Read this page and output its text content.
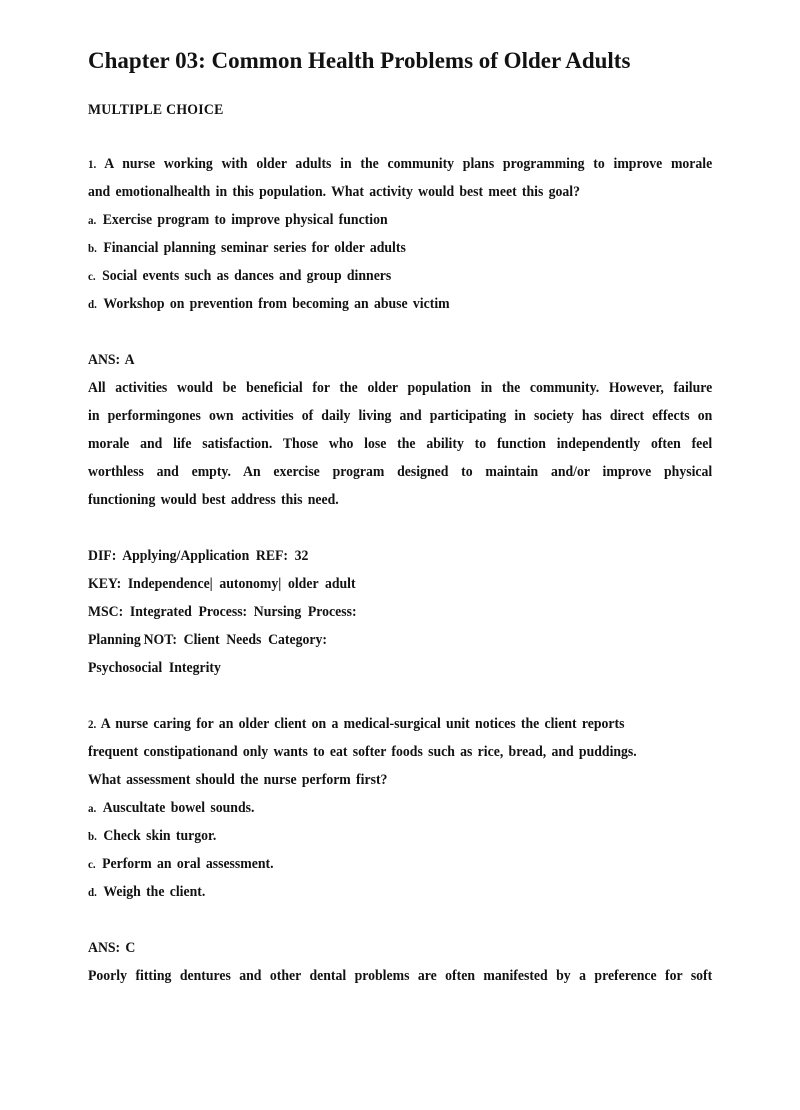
Chapter 03: Common Health Problems of Older Adults
MULTIPLE CHOICE
1. A nurse working with older adults in the community plans programming to improve morale
and emotionalhealth in this population. What activity would best meet this goal?
a. Exercise program to improve physical function
b. Financial planning seminar series for older adults
c. Social events such as dances and group dinners
d. Workshop on prevention from becoming an abuse victim
ANS: A
All activities would be beneficial for the older population in the community. However, failure
in performingones own activities of daily living and participating in society has direct effects on
morale and life satisfaction. Those who lose the ability to function independently often feel
worthless and empty. An exercise program designed to maintain and/or improve physical
functioning would best address this need.
DIF: Applying/Application REF: 32
KEY: Independence| autonomy| older adult
MSC: Integrated Process: Nursing Process:
Planning NOT: Client Needs Category:
Psychosocial Integrity
2. A nurse caring for an older client on a medical-surgical unit notices the client reports
frequent constipationand only wants to eat softer foods such as rice, bread, and puddings.
What assessment should the nurse perform first?
a. Auscultate bowel sounds.
b. Check skin turgor.
c. Perform an oral assessment.
d. Weigh the client.
ANS: C
Poorly fitting dentures and other dental problems are often manifested by a preference for soft
